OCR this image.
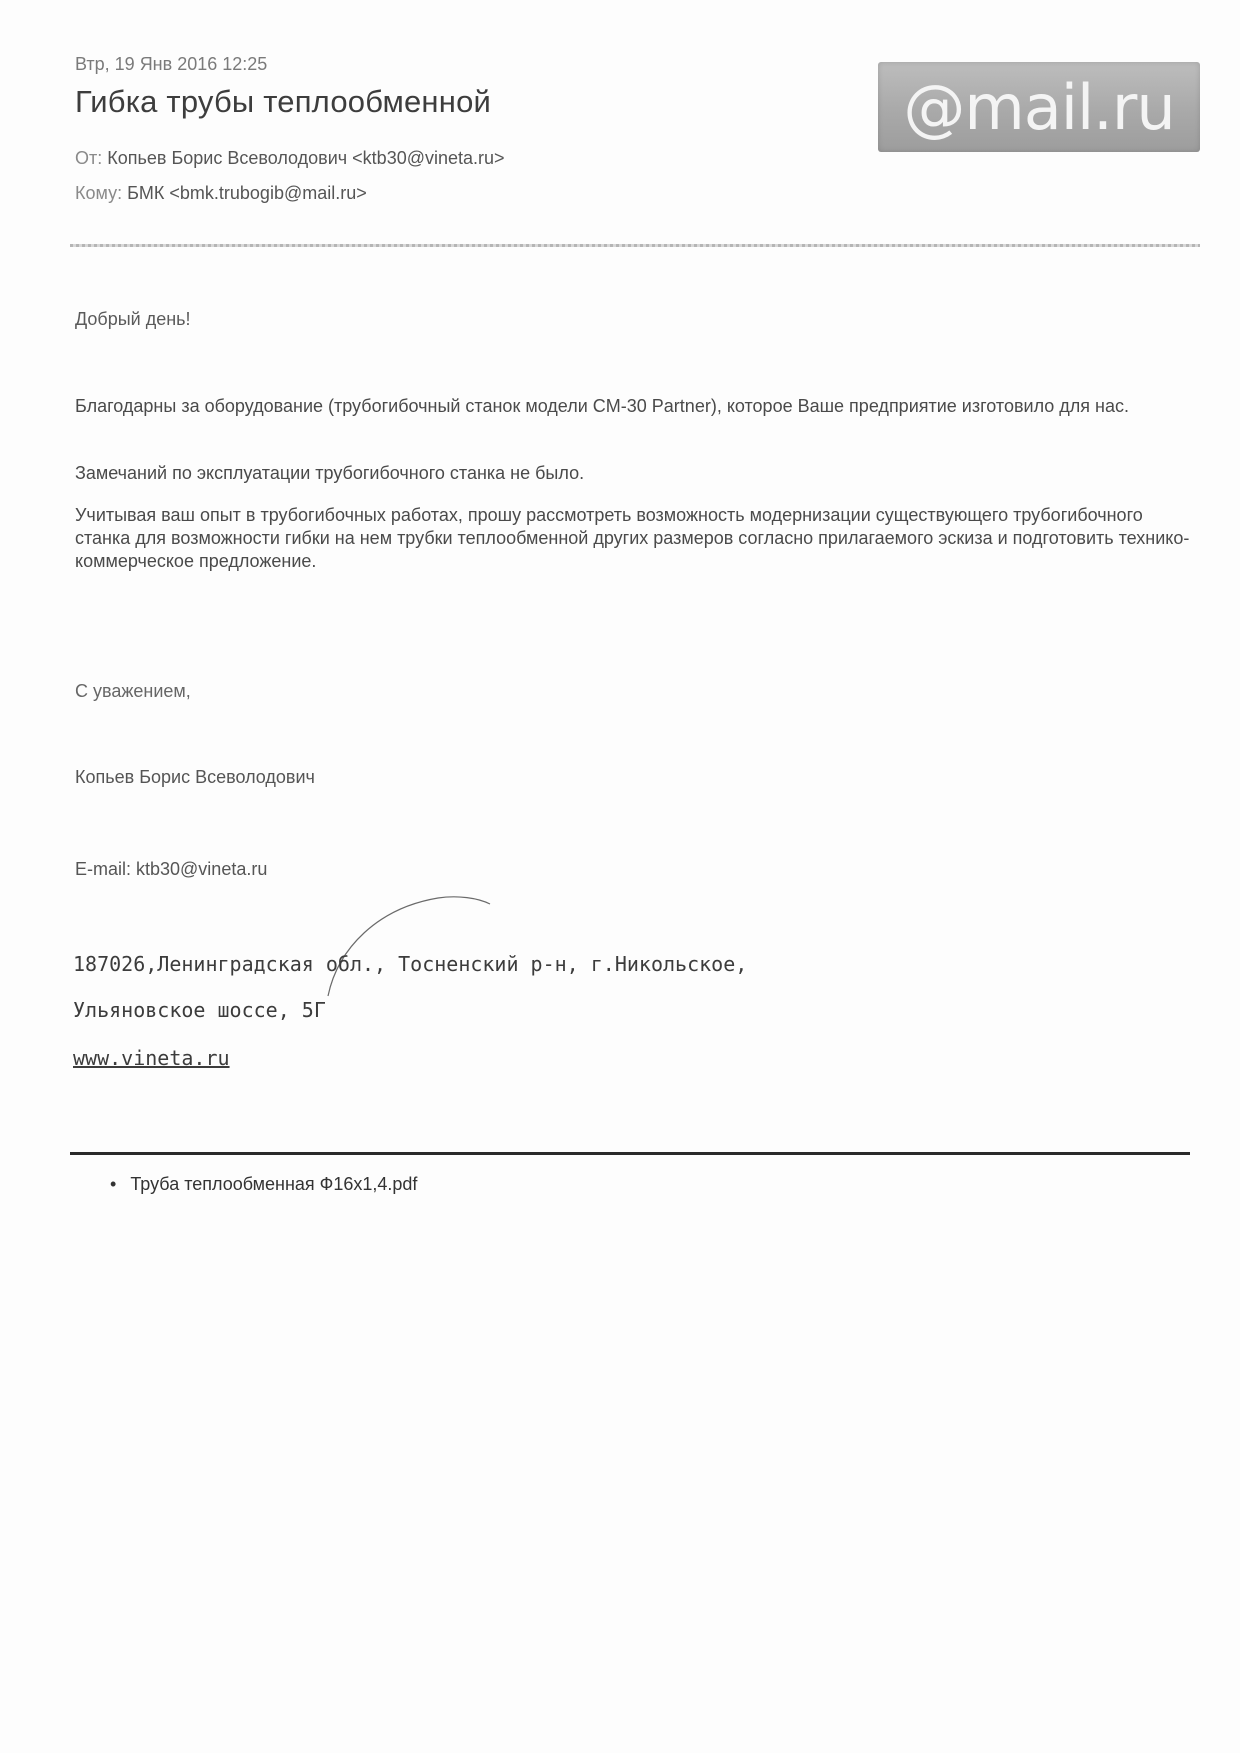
Втр, 19 Янв 2016 12:25
Гибка трубы теплообменной
От: Копьев Борис Всеволодович <ktb30@vineta.ru>
Кому: БМК <bmk.trubogib@mail.ru>
@mail.ru
Добрый день!
Благодарны за оборудование (трубогибочный станок модели CM-30 Partner), которое Ваше предприятие изготовило для нас.
Замечаний по эксплуатации трубогибочного станка не было.
Учитывая ваш опыт в трубогибочных работах, прошу рассмотреть возможность модернизации существующего трубогибочного станка для возможности гибки на нем трубки теплообменной других размеров согласно прилагаемого эскиза и подготовить технико-коммерческое предложение.
С уважением,
Копьев Борис Всеволодович
E-mail: ktb30@vineta.ru
187026,Ленинградская обл., Тосненский р-н, г.Никольское,
Ульяновское шоссе, 5Г
www.vineta.ru
• Труба теплообменная Ф16х1,4.pdf
